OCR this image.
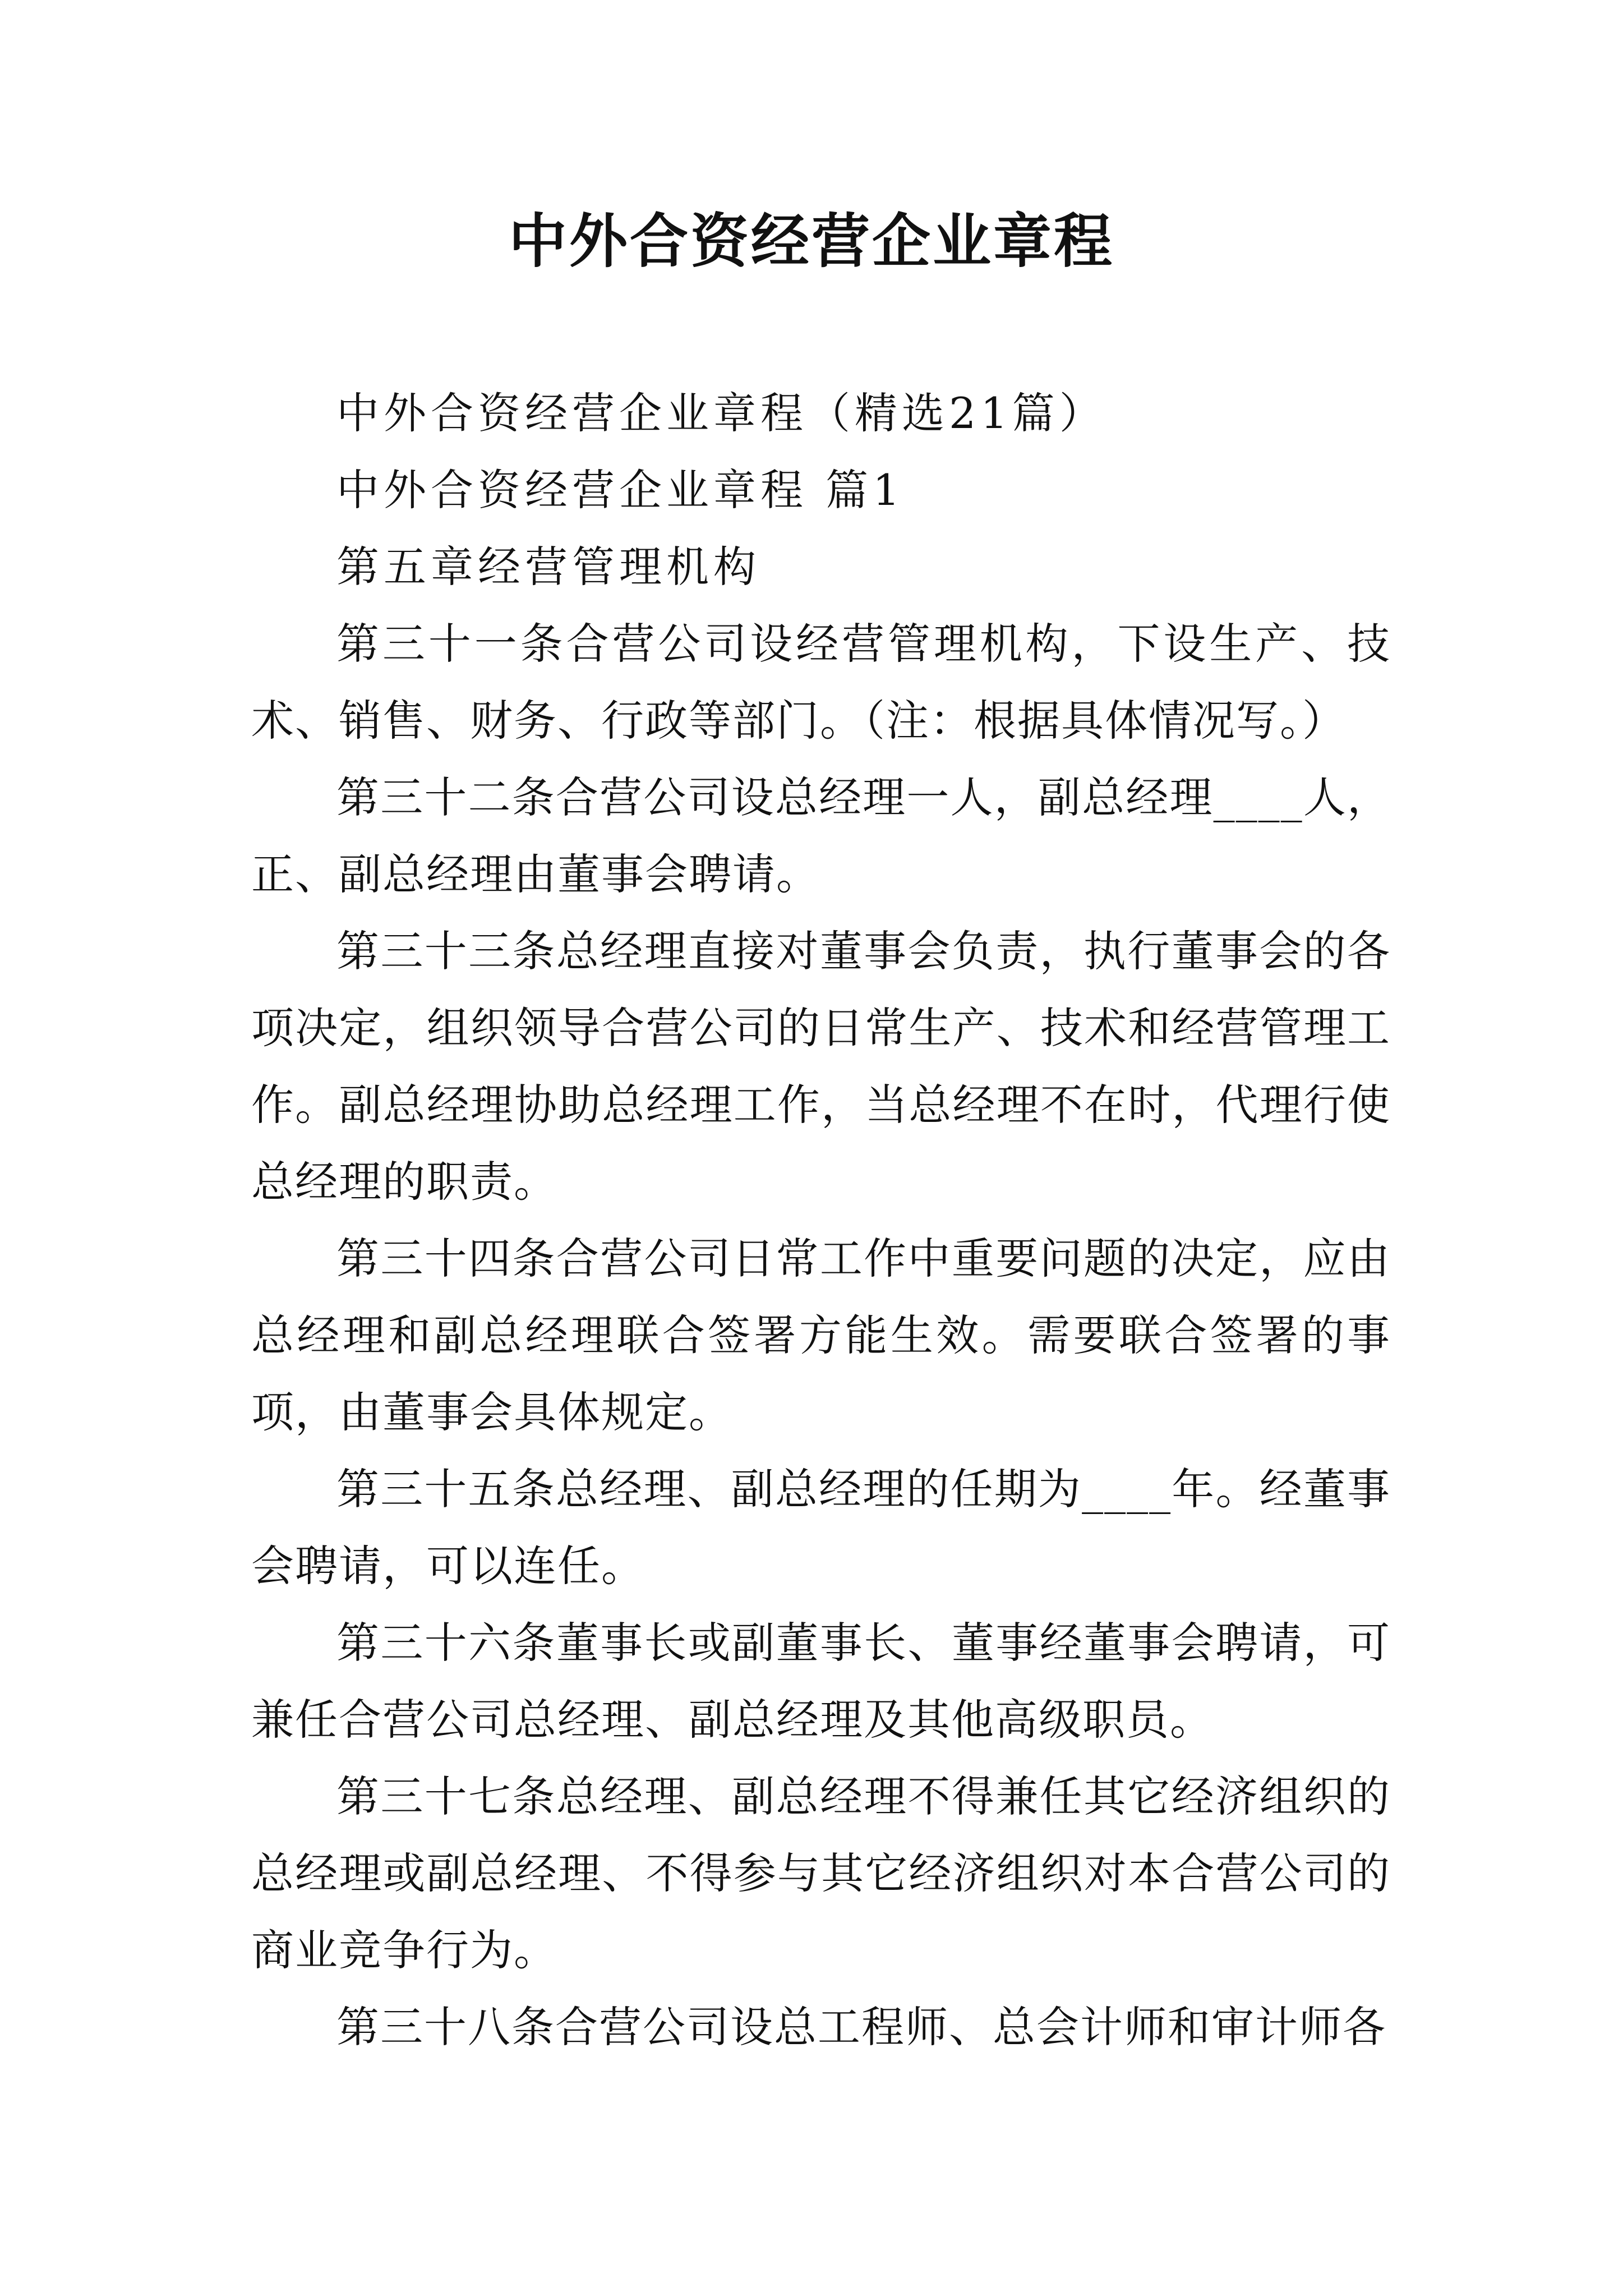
中外合资经营企业章程

中外合资经营企业章程（精选21篇）

中外合资经营企业章程 篇1

第五章经营管理机构

第三十一条合营公司设经营管理机构，下设生产、技术、销售、财务、行政等部门。（注：根据具体情况写。）

第三十二条合营公司设总经理一人，副总经理____人，正、副总经理由董事会聘请。

第三十三条总经理直接对董事会负责，执行董事会的各项决定，组织领导合营公司的日常生产、技术和经营管理工作。副总经理协助总经理工作，当总经理不在时，代理行使总经理的职责。

第三十四条合营公司日常工作中重要问题的决定，应由总经理和副总经理联合签署方能生效。需要联合签署的事项，由董事会具体规定。

第三十五条总经理、副总经理的任期为____年。经董事会聘请，可以连任。

第三十六条董事长或副董事长、董事经董事会聘请，可兼任合营公司总经理、副总经理及其他高级职员。

第三十七条总经理、副总经理不得兼任其它经济组织的总经理或副总经理、不得参与其它经济组织对本合营公司的商业竞争行为。

第三十八条合营公司设总工程师、总会计师和审计师各
